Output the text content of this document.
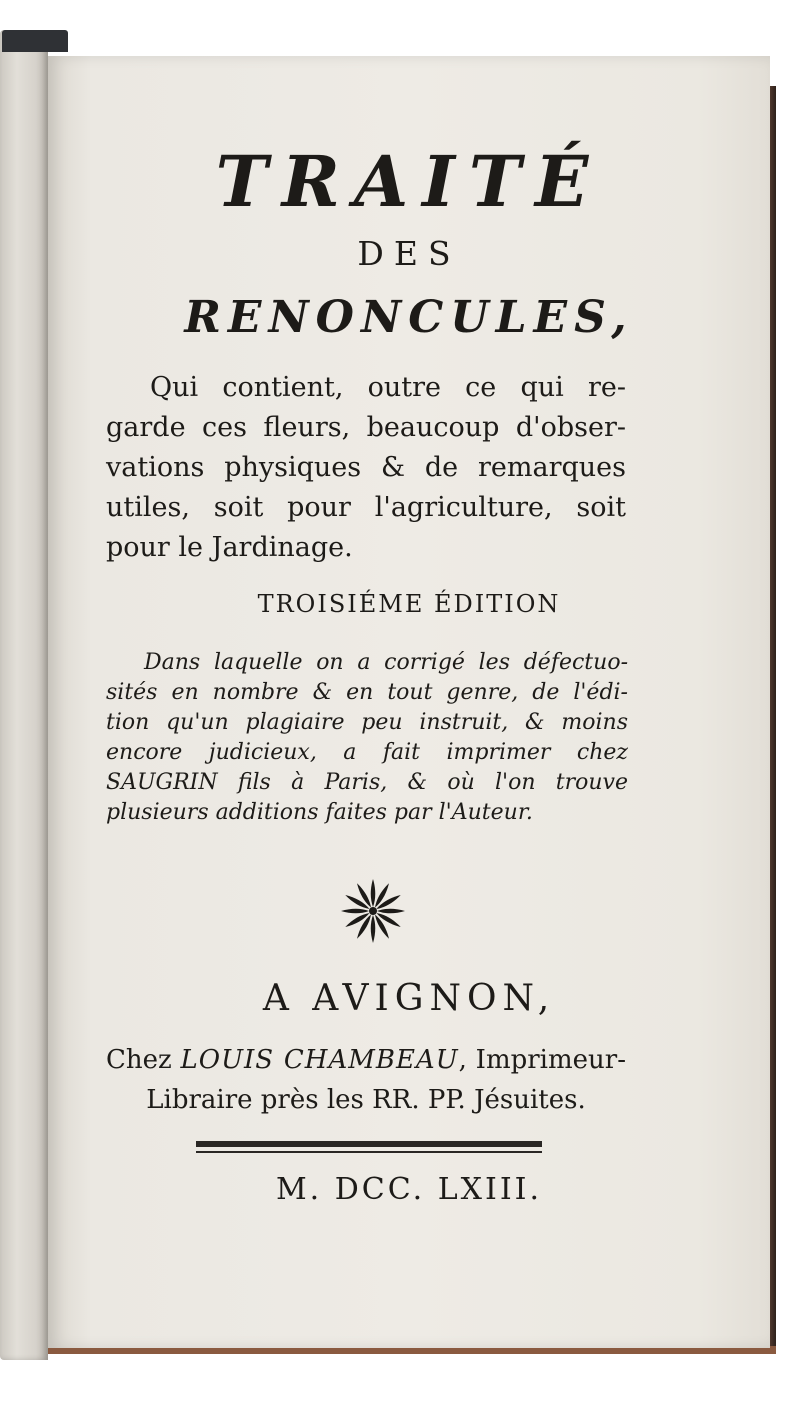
TRAITÉ
DES
RENONCULES,
Qui contient, outre ce qui re-
garde ces fleurs, beaucoup d'obser-
vations physiques & de remarques
utiles, soit pour l'agriculture, soit
pour le Jardinage.
TROISIÉME ÉDITION
Dans laquelle on a corrigé les défectuo-
sités en nombre & en tout genre, de l'édi-
tion qu'un plagiaire peu instruit, & moins
encore judicieux, a fait imprimer chez
SAUGRIN fils à Paris, & où l'on trouve
plusieurs additions faites par l'Auteur.
A AVIGNON,
Chez LOUIS CHAMBEAU, Imprimeur-
Libraire près les RR. PP. Jésuites.
M. DCC. LXIII.
